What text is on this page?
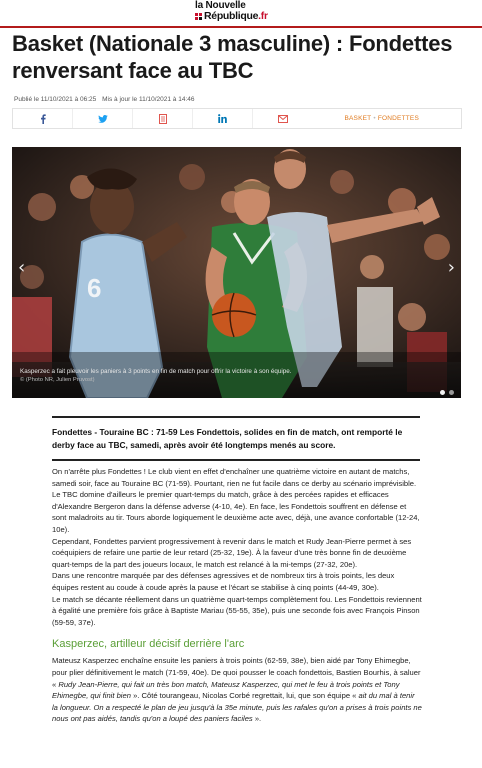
la Nouvelle
République .fr
Basket (Nationale 3 masculine) : Fondettes renversant face au TBC
Publié le 11/10/2021 à 06:25 Mis à jour le 11/10/2021 à 14:46
BASKET • FONDETTES
6
‹	›
Kasperzec a fait pleuvoir les paniers à 3 points en fin de match pour offrir la victoire à son équipe.
© (Photo NR, Julien Pruvost)
Fondettes - Touraine BC : 71-59 Les Fondettois, solides en fin de match, ont remporté le derby face au TBC, samedi, après avoir été longtemps menés au score.

On n'arrête plus Fondettes ! Le club vient en effet d'enchaîner une quatrième victoire en autant de matchs, samedi soir, face au Touraine BC (71-59). Pourtant, rien ne fut facile dans ce derby au scénario imprévisible.

Le TBC domine d'ailleurs le premier quart-temps du match, grâce à des percées rapides et efficaces d'Alexandre Bergeron dans la défense adverse (4-10, 4e). En face, les Fondettois souffrent en défense et sont maladroits au tir. Tours aborde logiquement le deuxième acte avec, déjà, une avance confortable (12-24, 10e).

Cependant, Fondettes parvient progressivement à revenir dans le match et Rudy Jean-Pierre permet à ses coéquipiers de refaire une partie de leur retard (25-32, 19e). À la faveur d'une très bonne fin de deuxième quart-temps de la part des joueurs locaux, le match est relancé à la mi-temps (27-32, 20e).

Dans une rencontre marquée par des défenses agressives et de nombreux tirs à trois points, les deux équipes restent au coude à coude après la pause et l'écart se stabilise à cinq points (44-49, 30e).

Le match se décante réellement dans un quatrième quart-temps complètement fou. Les Fondettois reviennent à égalité une première fois grâce à Baptiste Mariau (55-55, 35e), puis une seconde fois avec François Pinson (59-59, 37e).

Kasperzec, artilleur décisif derrière l'arc

Mateusz Kasperzec enchaîne ensuite les paniers à trois points (62-59, 38e), bien aidé par Tony Ehimegbe, pour plier définitivement le match (71-59, 40e). De quoi pousser le coach fondettois, Bastien Bourhis, à saluer « Rudy Jean-Pierre, qui fait un très bon match, Mateusz Kasperzec, qui met le feu à trois points et Tony Ehimegbe, qui finit bien ». Côté tourangeau, Nicolas Corbé regrettait, lui, que son équipe « ait du mal à tenir la longueur. On a respecté le plan de jeu jusqu'à la 35e minute, puis les rafales qu'on a prises à trois points ne nous ont pas aidés, tandis qu'on a loupé des paniers faciles ».
